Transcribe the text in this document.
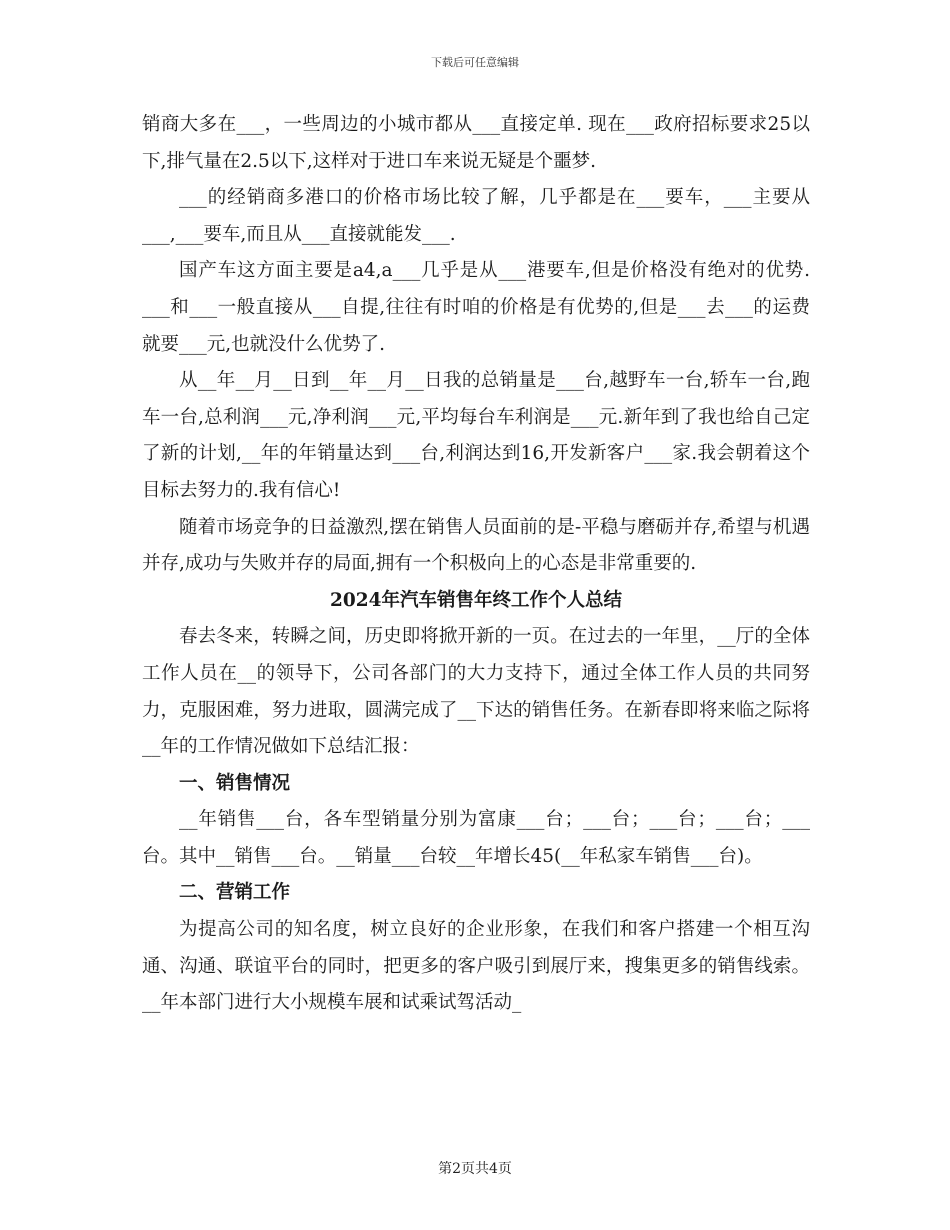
下载后可任意编辑

销商大多在___，一些周边的小城市都从___直接定单. 现在___政府招标要求25以下,排气量在2.5以下,这样对于进口车来说无疑是个噩梦.

___的经销商多港口的价格市场比较了解，几乎都是在___要车，___主要从___,___要车,而且从___直接就能发___.

国产车这方面主要是a4,a___几乎是从___港要车,但是价格没有绝对的优势. ___和___一般直接从___自提,往往有时咱的价格是有优势的,但是___去___的运费就要___元,也就没什么优势了.

从__年__月__日到__年__月__日我的总销量是___台,越野车一台,轿车一台,跑车一台,总利润___元,净利润___元,平均每台车利润是___元.新年到了我也给自己定了新的计划,__年的年销量达到___台,利润达到16,开发新客户___家.我会朝着这个目标去努力的.我有信心!

随着市场竞争的日益激烈,摆在销售人员面前的是-平稳与磨砺并存,希望与机遇并存,成功与失败并存的局面,拥有一个积极向上的心态是非常重要的.

2024年汽车销售年终工作个人总结

春去冬来，转瞬之间，历史即将掀开新的一页。在过去的一年里，__厅的全体工作人员在__的领导下，公司各部门的大力支持下，通过全体工作人员的共同努力，克服困难，努力进取，圆满完成了__下达的销售任务。在新春即将来临之际将__年的工作情况做如下总结汇报：

一、销售情况

__年销售___台，各车型销量分别为富康___台；___台；___台；___台；___台。其中__销售___台。__销量___台较__年增长45(__年私家车销售___台)。

二、营销工作

为提高公司的知名度，树立良好的企业形象，在我们和客户搭建一个相互沟通、沟通、联谊平台的同时，把更多的客户吸引到展厅来，搜集更多的销售线索。__年本部门进行大小规模车展和试乘试驾活动_

第2页共4页
